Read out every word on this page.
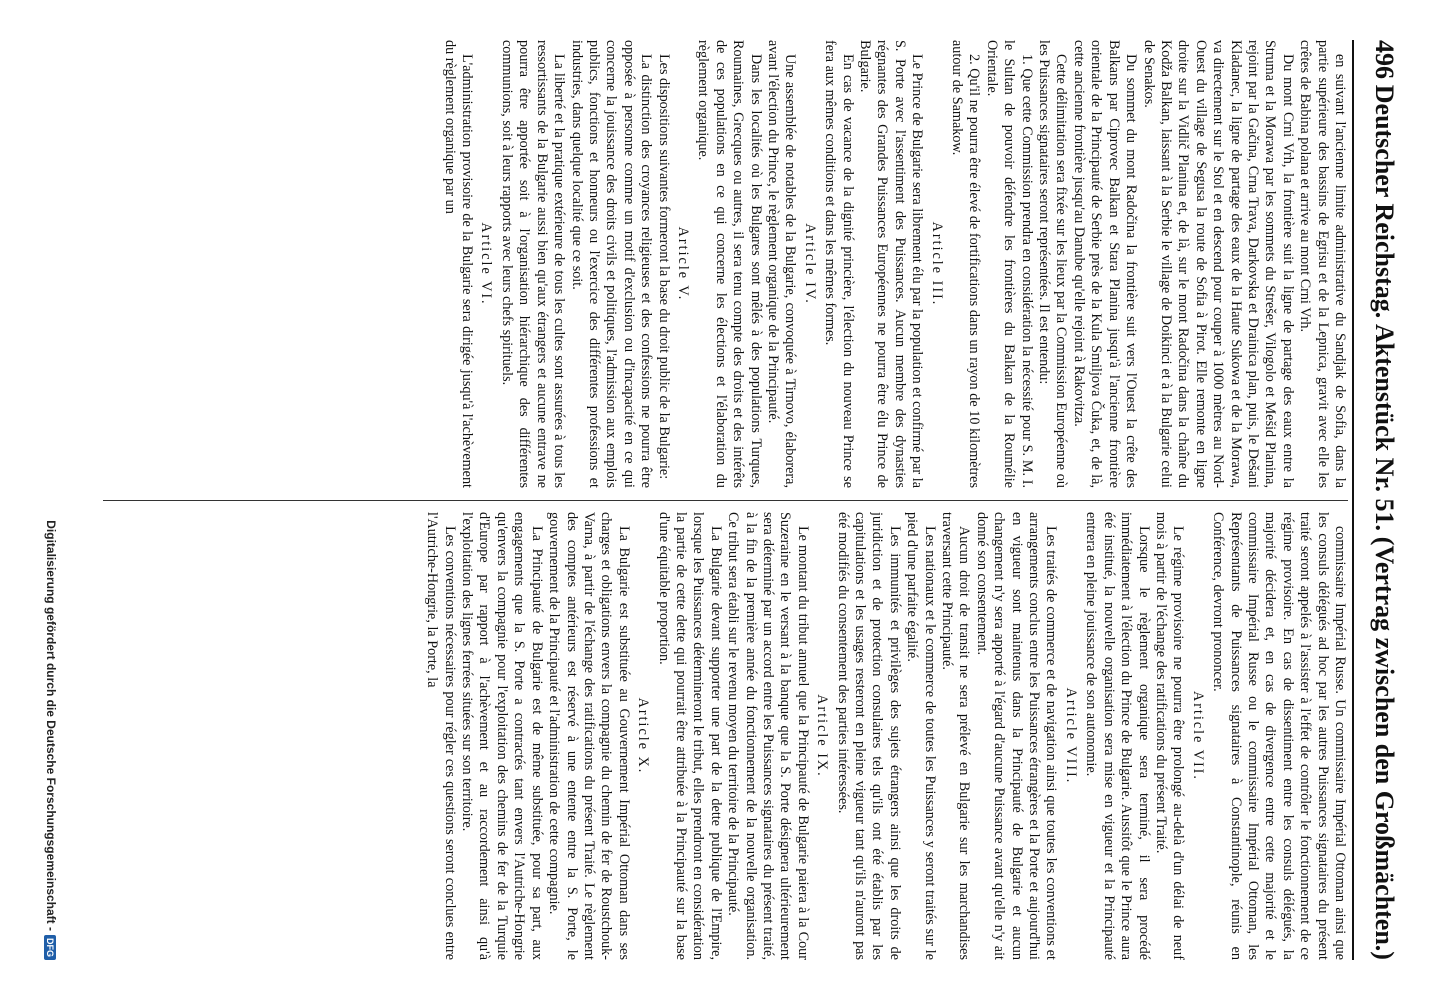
496
Deutscher Reichstag.
Aktenstück Nr. 51.
(Vertrag zwischen den Großmächten.)

en suivant l'ancienne limite administrative du Sandjak de Sofia, dans la partie supérieure des bassins de Egrisu et de la Lepnica, gravit avec elle les crêtes de Babina polana et arrive au mont Crni Vrh.

Du mont Crni Vrh, la frontière suit la ligne de partage des eaux entre la Struma et la Morawa par les sommets du Strešer, Vilogolo et Mešid Planina, rejoint par la Gačina, Crna Trava, Darkovska et Drainica plan, puis, le Dešani Kladanec, la ligne de partage des eaux de la Haute Sukowa et de la Morawa, va directement sur le Stol et en descend pour couper à 1000 mètres au Nord-Ouest du village de Segusa la route de Sofia à Pirot. Elle remonte en ligne droite sur la Vidlič Planina et, de là, sur le mont Radočina dans la chaîne du Kodža Balkan, laissant à la Serbie le village de Doikinci et à la Bulgarie celui de Senakos.

Du sommet du mont Radočina la frontière suit vers l'Ouest la crête des Balkans par Ciprovec Balkan et Stara Planina jusqu'à l'ancienne frontière orientale de la Principauté de Serbie près de la Kula Smiljova Čuka, et, de là, cette ancienne frontière jusqu'au Danube qu'elle rejoint à Rakovitza.

Cette délimitation sera fixée sur les lieux par la Commission Européenne où les Puissances signataires seront représentées. Il est entendu:

1. Que cette Commission prendra en considération la nécessité pour S. M. I. le Sultan de pouvoir défendre les frontières du Balkan de la Roumélie Orientale.

2. Qu'il ne pourra être élevé de fortifications dans un rayon de 10 kilomètres autour de Samakow.

Article III.

Le Prince de Bulgarie sera librement élu par la population et confirmé par la S. Porte avec l'assentiment des Puissances. Aucun membre des dynasties régnantes des Grandes Puissances Européennes ne pourra être élu Prince de Bulgarie.

En cas de vacance de la dignité princière, l'élection du nouveau Prince se fera aux mêmes conditions et dans les mêmes formes.

Article IV.

Une assemblée de notables de la Bulgarie, convoquée à Tirnovo, élaborera, avant l'élection du Prince, le règlement organique de la Principauté.

Dans les localités où les Bulgares sont mêlés à des populations Turques, Roumaines, Grecques ou autres, il sera tenu compte des droits et des intérêts de ces populations en ce qui concerne les élections et l'élaboration du règlement organique.

Article V.

Les dispositions suivantes formeront la base du droit public de la Bulgarie:

La distinction des croyances religieuses et des confessions ne pourra être opposée à personne comme un motif d'exclusion ou d'incapacité en ce qui concerne la jouissance des droits civils et politiques, l'admission aux emplois publics, fonctions et honneurs ou l'exercice des différentes professions et industries, dans quelque localité que ce soit.

La liberté et la pratique extérieure de tous les cultes sont assurées à tous les ressortissants de la Bulgarie aussi bien qu'aux étrangers et aucune entrave ne pourra être apportée soit à l'organisation hiérarchique des différentes communions, soit à leurs rapports avec leurs chefs spirituels.

Article VI.

L'administration provisoire de la Bulgarie sera dirigée jusqu'à l'achèvement du règlement organique par un

commissaire Impérial Russe. Un commissaire Impérial Ottoman ainsi que les consuls délégués ad hoc par les autres Puissances signataires du présent traité seront appelés à l'assister à l'effet de contrôler le fonctionnement de ce régime provisoire. En cas de dissentiment entre les consuls délégués, la majorité décidera et, en cas de divergence entre cette majorité et le commissaire Impérial Russe ou le commissaire Impérial Ottoman, les Représentants de Puissances signataires à Constantinople, réunis en Conférence, devront prononcer.

Article VII.

Le régime provisoire ne pourra être prolongé au-delà d'un délai de neuf mois à partir de l'échange des ratifications du présent Traité.

Lorsque le règlement organique sera terminé, il sera procédé immédiatement à l'élection du Prince de Bulgarie. Aussitôt que le Prince aura été institué, la nouvelle organisation sera mise en vigueur et la Principauté entrera en pleine jouissance de son autonomie.

Article VIII.

Les traités de commerce et de navigation ainsi que toutes les conventions et arrangements conclus entre les Puissances étrangères et la Porte et aujourd'hui en vigueur sont maintenus dans la Principauté de Bulgarie et aucun changement n'y sera apporté à l'égard d'aucune Puissance avant qu'elle n'y ait donné son consentement.

Aucun droit de transit ne sera prélevé en Bulgarie sur les marchandises traversant cette Principauté.

Les nationaux et le commerce de toutes les Puissances y seront traités sur le pied d'une parfaite égalité.

Les immunités et privilèges des sujets étrangers ainsi que les droits de juridiction et de protection consulaires tels qu'ils ont été établis par les capitulations et les usages resteront en pleine vigueur tant qu'ils n'auront pas été modifiés du consentement des parties intéressées.

Article IX.

Le montant du tribut annuel que la Principauté de Bulgarie paiera à la Cour Suzeraine en le versant à la banque que la S. Porte désignera ultérieurement sera déterminé par un accord entre les Puissances signataires du présent traité, à la fin de la première année du fonctionnement de la nouvelle organisation. Ce tribut sera établi sur le revenu moyen du territoire de la Principauté.

La Bulgarie devant supporter une part de la dette publique de l'Empire, lorsque les Puissances détermineront le tribut, elles prendront en considération la partie de cette dette qui pourrait être attribuée à la Principauté sur la base d'une équitable proportion.

Article X.

La Bulgarie est substituée au Gouvernement Impérial Ottoman dans ses charges et obligations envers la compagnie du chemin de fer de Roustchouk-Varna, à partir de l'échange des ratifications du présent Traité. Le règlement des comptes antérieurs est réservé à une entente entre la S. Porte, le gouvernement de la Principauté et l'administration de cette compagnie.

La Principauté de Bulgarie est de même substituée, pour sa part, aux engagements que la S. Porte a contractés tant envers l'Autriche-Hongrie qu'envers la compagnie pour l'exploitation des chemins de fer de la Turquie d'Europe par rapport à l'achèvement et au raccordement ainsi qu'à l'exploitation des lignes ferrées situées sur son territoire.

Les conventions nécessaires pour régler ces questions seront conclues entre l'Autriche-Hongrie, la Porte, la

Digitalisierung gefördert durch die Deutsche Forschungsgemeinschaft -DFG
